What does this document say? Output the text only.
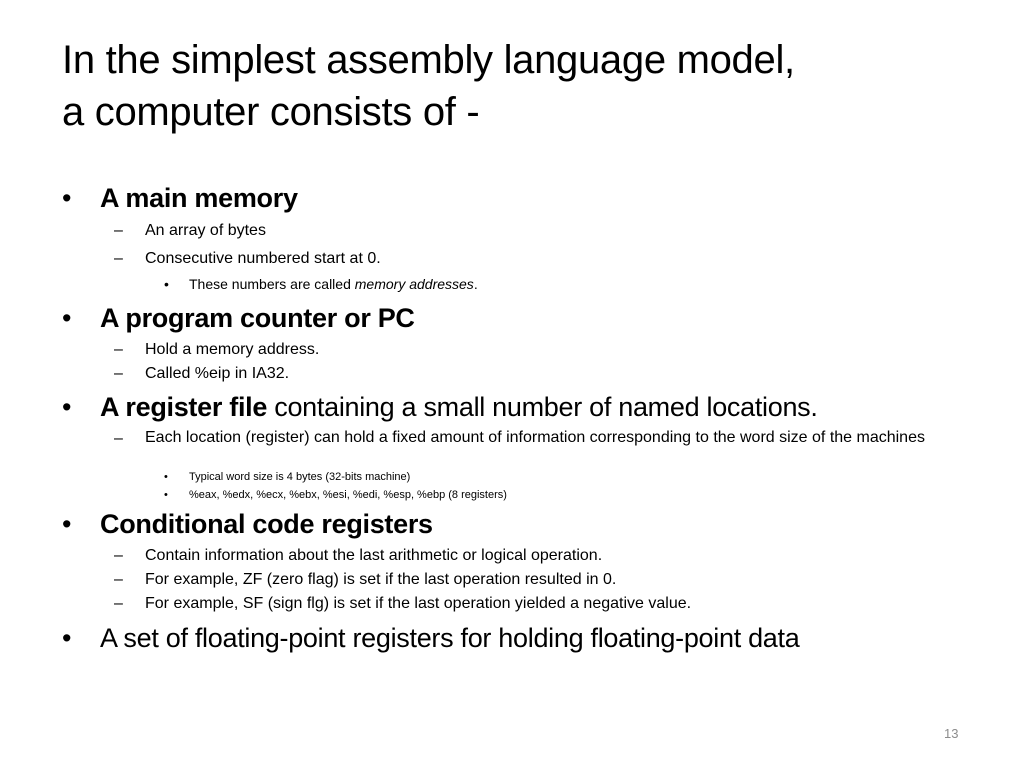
In the simplest assembly language model,
a computer consists of -
• A main memory
– An array of bytes
– Consecutive numbered start at 0.
• These numbers are called memory addresses.
• A program counter or PC
– Hold a memory address.
– Called %eip in IA32.
• A register file containing a small number of named locations.
– Each location (register) can hold a fixed amount of information corresponding to the word size of the machines
• Typical word size is 4 bytes (32-bits machine)
• %eax, %edx, %ecx, %ebx, %esi, %edi, %esp, %ebp (8 registers)
• Conditional code registers
– Contain information about the last arithmetic or logical operation.
– For example, ZF (zero flag) is set if the last operation resulted in 0.
– For example, SF (sign flg) is set if the last operation yielded a negative value.
• A set of floating-point registers for holding floating-point data
13
